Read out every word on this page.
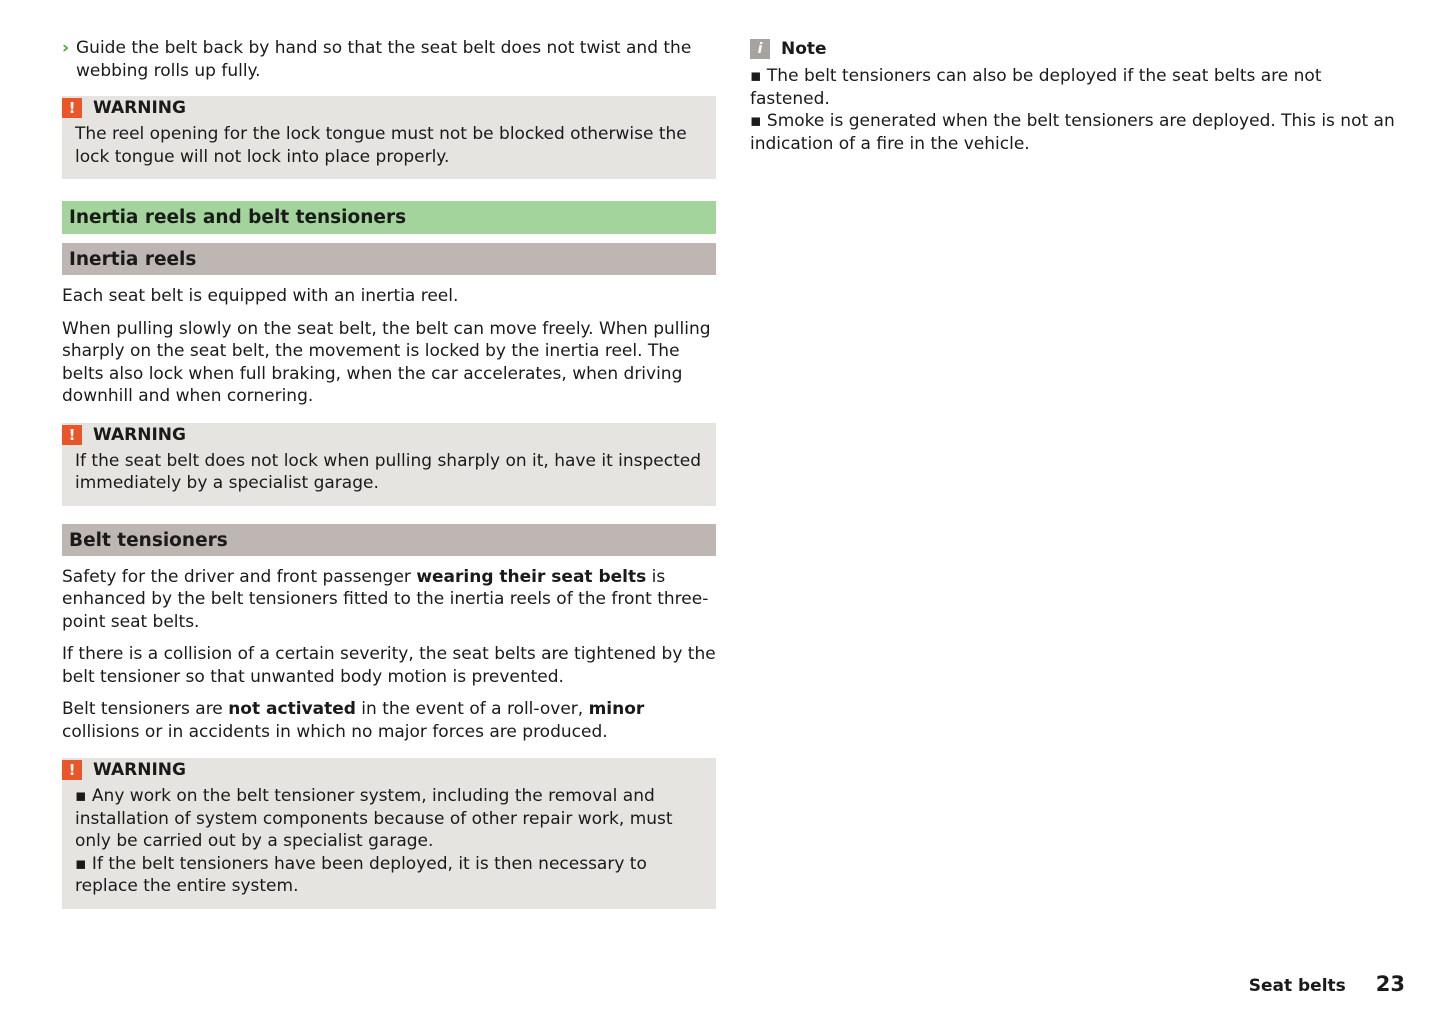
› Guide the belt back by hand so that the seat belt does not twist and the webbing rolls up fully.
!	WARNING
The reel opening for the lock tongue must not be blocked otherwise the lock tongue will not lock into place properly.
Inertia reels and belt tensioners
Inertia reels

Each seat belt is equipped with an inertia reel.

When pulling slowly on the seat belt, the belt can move freely. When pulling sharply on the seat belt, the movement is locked by the inertia reel. The belts also lock when full braking, when the car accelerates, when driving downhill and when cornering.

!	WARNING
If the seat belt does not lock when pulling sharply on it, have it inspected immediately by a specialist garage.
Belt tensioners

Safety for the driver and front passenger wearing their seat belts is enhanced by the belt tensioners fitted to the inertia reels of the front three-point seat belts.

If there is a collision of a certain severity, the seat belts are tightened by the belt tensioner so that unwanted body motion is prevented.

Belt tensioners are not activated in the event of a roll-over, minor collisions or in accidents in which no major forces are produced.

!	WARNING
▪ Any work on the belt tensioner system, including the removal and installation of system components because of other repair work, must only be carried out by a specialist garage.
▪ If the belt tensioners have been deployed, it is then necessary to replace the entire system.
i	Note
▪ The belt tensioners can also be deployed if the seat belts are not fastened.
▪ Smoke is generated when the belt tensioners are deployed. This is not an indication of a fire in the vehicle.
Seat belts 23
